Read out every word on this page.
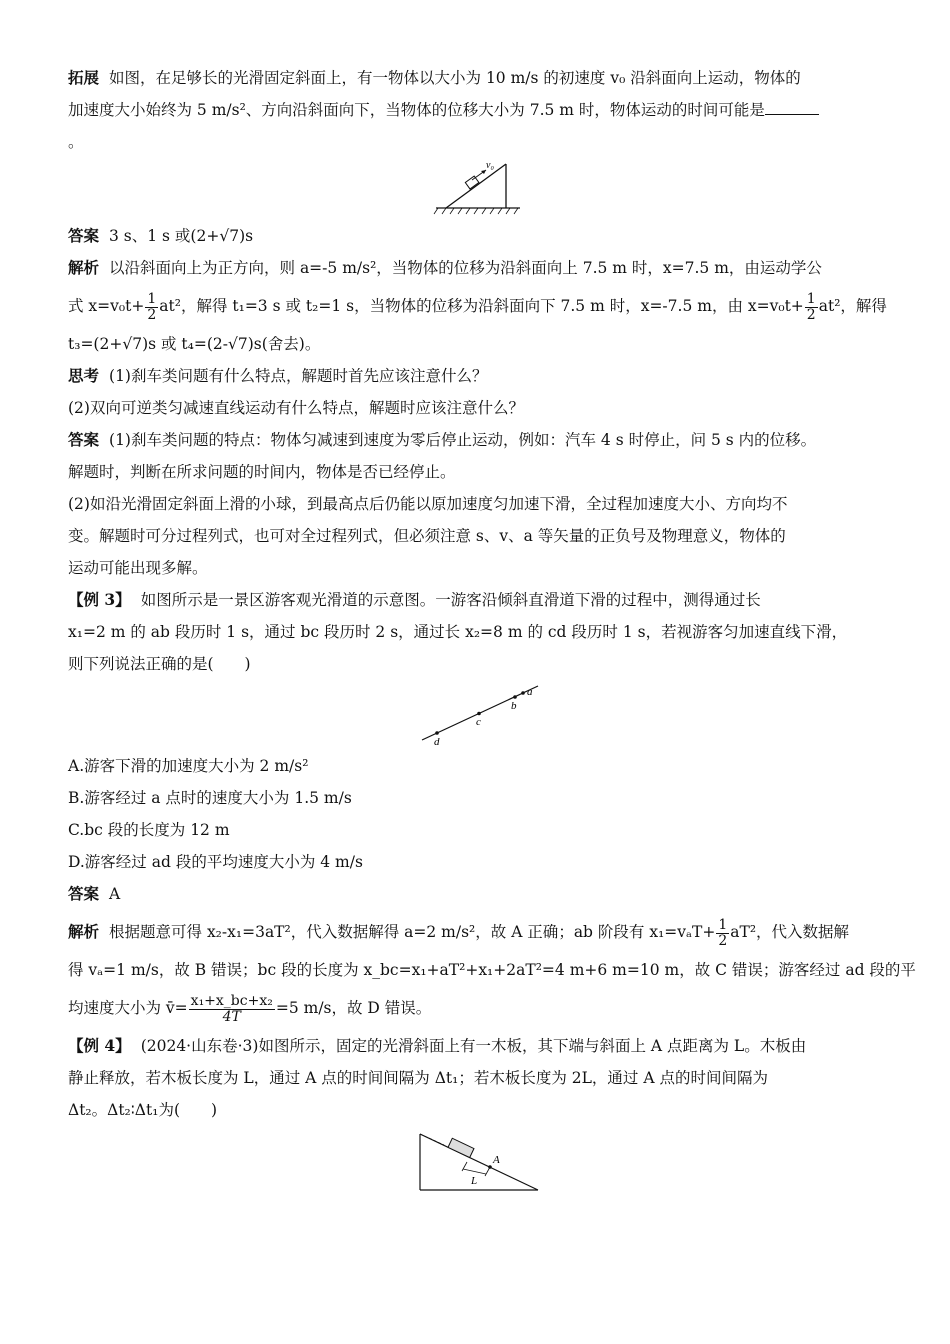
拓展 如图，在足够长的光滑固定斜面上，有一物体以大小为 10 m/s 的初速度 v₀ 沿斜面向上运动，物体的

加速度大小始终为 5 m/s²、方向沿斜面向下，当物体的位移大小为 7.5 m 时，物体运动的时间可能是

。

v₀

答案 3 s、1 s 或(2+√7)s

解析 以沿斜面向上为正方向，则 a=-5 m/s²，当物体的位移为沿斜面向上 7.5 m 时，x=7.5 m，由运动学公

式 $x=v_0t+ \frac{1}{2} at^2$，解得 t₁=3 s 或 t₂=1 s，当物体的位移为沿斜面向下 7.5 m 时，x=-7.5 m，由 $x=v_0t+ \frac{1}{2} at^2$，解得

t₃=(2+√7)s 或 t₄=(2-√7)s(舍去)。

思考 (1)刹车类问题有什么特点，解题时首先应该注意什么？

(2)双向可逆类匀减速直线运动有什么特点，解题时应该注意什么？

答案 (1)刹车类问题的特点：物体匀减速到速度为零后停止运动，例如：汽车 4 s 时停止，问 5 s 内的位移。

解题时，判断在所求问题的时间内，物体是否已经停止。

(2)如沿光滑固定斜面上滑的小球，到最高点后仍能以原加速度匀加速下滑，全过程加速度大小、方向均不

变。解题时可分过程列式，也可对全过程列式，但必须注意 s、v、a 等矢量的正负号及物理意义，物体的

运动可能出现多解。

【例 3】 如图所示是一景区游客观光滑道的示意图。一游客沿倾斜直滑道下滑的过程中，测得通过长

x₁=2 m 的 ab 段历时 1 s，通过 bc 段历时 2 s，通过长 x₂=8 m 的 cd 段历时 1 s，若视游客匀加速直线下滑，

则下列说法正确的是(　　)

a
b
c
d

A.游客下滑的加速度大小为 2 m/s²

B.游客经过 a 点时的速度大小为 1.5 m/s

C.bc 段的长度为 12 m

D.游客经过 ad 段的平均速度大小为 4 m/s

答案 A

解析 根据题意可得 x₂-x₁=3aT²，代入数据解得 a=2 m/s²，故 A 正确；ab 阶段有 $x_1=v_aT+ \frac{1}{2} aT^2$，代入数据解

得 vₐ=1 m/s，故 B 错误；bc 段的长度为 x_bc=x₁+aT²+x₁+2aT²=4 m+6 m=10 m，故 C 错误；游客经过 ad 段的平

均速度大小为 v̄= $\frac{\text{x₁+x\_bc+x₂}}{4T} =5$ m/s，故 D 错误。

【例 4】 (2024·山东卷·3)如图所示，固定的光滑斜面上有一木板，其下端与斜面上 A 点距离为 L。木板由

静止释放，若木板长度为 L，通过 A 点的时间间隔为 Δt₁；若木板长度为 2L，通过 A 点的时间间隔为

Δt₂。Δt₂∶Δt₁为(　　)

A
L
